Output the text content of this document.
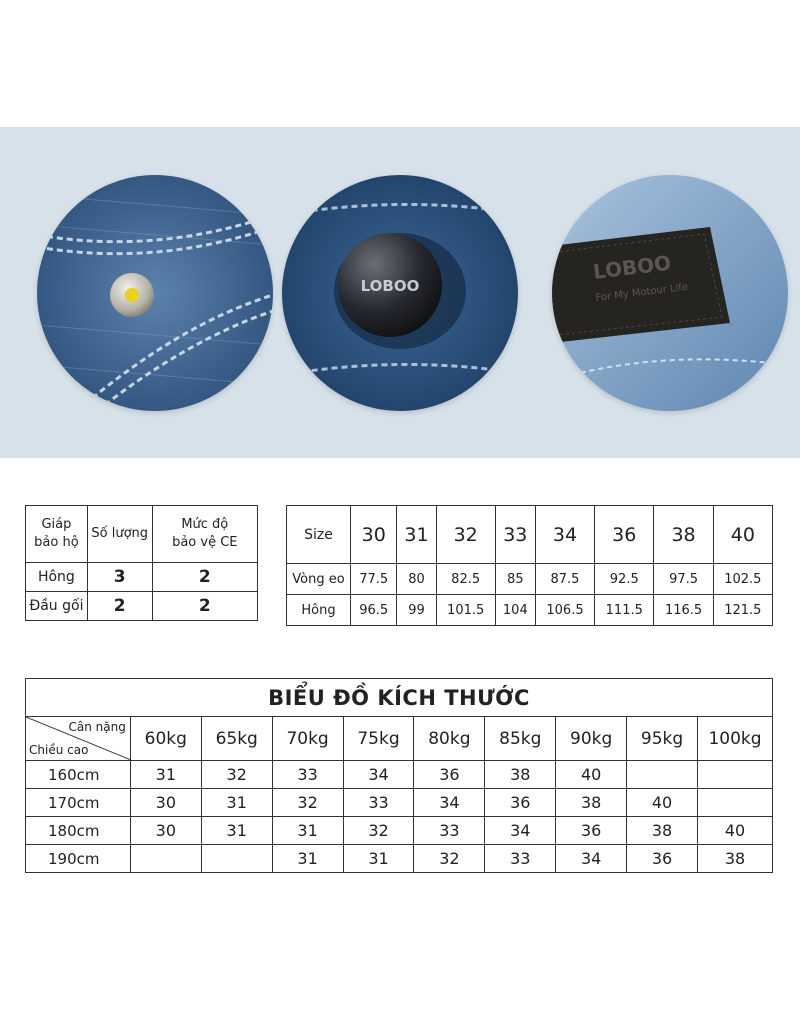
LOBOO
LOBOO
For My Motour Life
Giáp
bảo hộ	Số lượng	Mức độ
bảo vệ CE
Hông	3	2
Đầu gối	2	2
Size	30	31	32	33	34	36	38	40
Vòng eo	77.5	80	82.5	85	87.5	92.5	97.5	102.5
Hông	96.5	99	101.5	104	106.5	111.5	116.5	121.5
BIỂU ĐỒ KÍCH THƯỚC									

Cân nặng
Chiều cao	60kg	65kg	70kg	75kg	80kg	85kg	90kg	95kg	100kg
160cm	31	32	33	34	36	38	40		
170cm	30	31	32	33	34	36	38	40	
180cm	30	31	31	32	33	34	36	38	40
190cm			31	31	32	33	34	36	38
